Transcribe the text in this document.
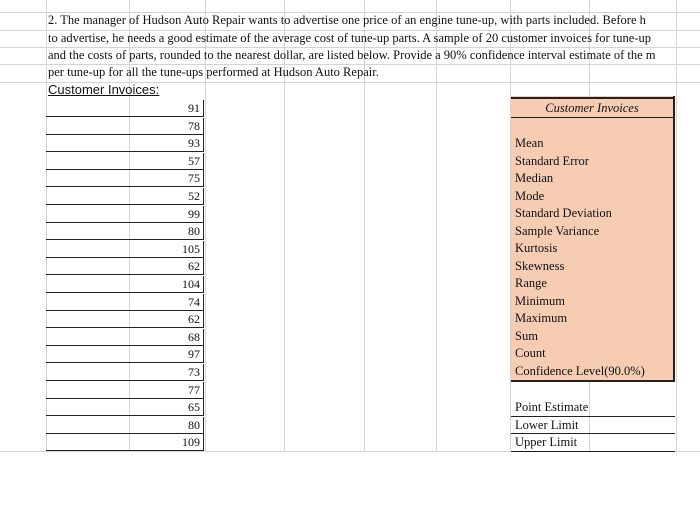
2. The manager of Hudson Auto Repair wants to advertise one price of an engine tune-up, with parts included. Before h
to advertise, he needs a good estimate of the average cost of tune-up parts. A sample of 20 customer invoices for tune-up
and the costs of parts, rounded to the nearest dollar, are listed below. Provide a 90% confidence interval estimate of the m
per tune-up for all the tune-ups performed at Hudson Auto Repair.
Customer Invoices:
91
78
93
57
75
52
99
80
105
62
104
74
62
68
97
73
77
65
80
109
Customer Invoices
Mean
Standard Error
Median
Mode
Standard Deviation
Sample Variance
Kurtosis
Skewness
Range
Minimum
Maximum
Sum
Count
Confidence Level(90.0%)
Point Estimate
Lower Limit
Upper Limit
